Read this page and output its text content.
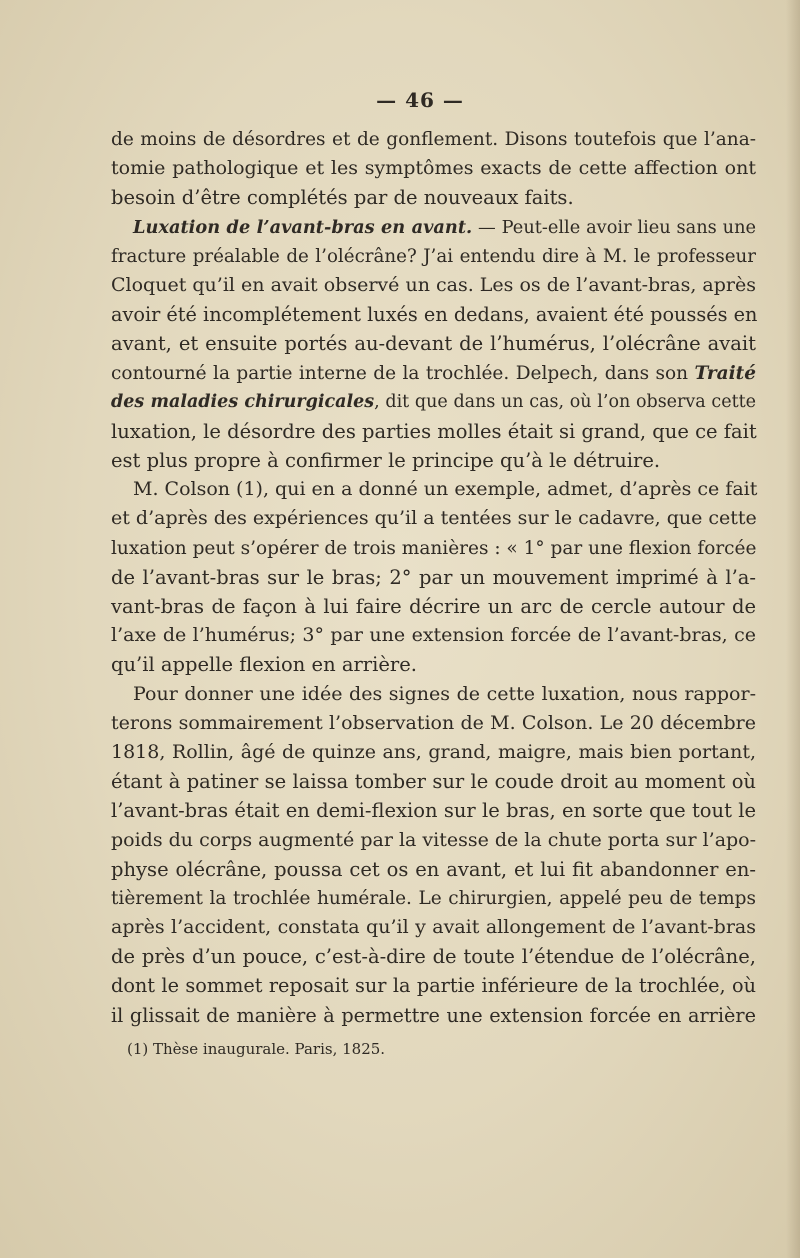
— 46 —
de moins de désordres et de gonflement. Disons toutefois que l’ana-
tomie pathologique et les symptômes exacts de cette affection ont
besoin d’être complétés par de nouveaux faits.
Luxation de l’avant-bras en avant. — Peut-elle avoir lieu sans une
fracture préalable de l’olécrâne? J’ai entendu dire à M. le professeur
Cloquet qu’il en avait observé un cas. Les os de l’avant-bras, après
avoir été incomplétement luxés en dedans, avaient été poussés en
avant, et ensuite portés au-devant de l’humérus, l’olécrâne avait
contourné la partie interne de la trochlée. Delpech, dans son Traité
des maladies chirurgicales, dit que dans un cas, où l’on observa cette
luxation, le désordre des parties molles était si grand, que ce fait
est plus propre à confirmer le principe qu’à le détruire.
M. Colson (1), qui en a donné un exemple, admet, d’après ce fait
et d’après des expériences qu’il a tentées sur le cadavre, que cette
luxation peut s’opérer de trois manières : « 1° par une flexion forcée
de l’avant-bras sur le bras; 2° par un mouvement imprimé à l’a-
vant-bras de façon à lui faire décrire un arc de cercle autour de
l’axe de l’humérus; 3° par une extension forcée de l’avant-bras, ce
qu’il appelle flexion en arrière.
Pour donner une idée des signes de cette luxation, nous rappor-
terons sommairement l’observation de M. Colson. Le 20 décembre
1818, Rollin, âgé de quinze ans, grand, maigre, mais bien portant,
étant à patiner se laissa tomber sur le coude droit au moment où
l’avant-bras était en demi-flexion sur le bras, en sorte que tout le
poids du corps augmenté par la vitesse de la chute porta sur l’apo-
physe olécrâne, poussa cet os en avant, et lui fit abandonner en-
tièrement la trochlée humérale. Le chirurgien, appelé peu de temps
après l’accident, constata qu’il y avait allongement de l’avant-bras
de près d’un pouce, c’est-à-dire de toute l’étendue de l’olécrâne,
dont le sommet reposait sur la partie inférieure de la trochlée, où
il glissait de manière à permettre une extension forcée en arrière
(1) Thèse inaugurale. Paris, 1825.
